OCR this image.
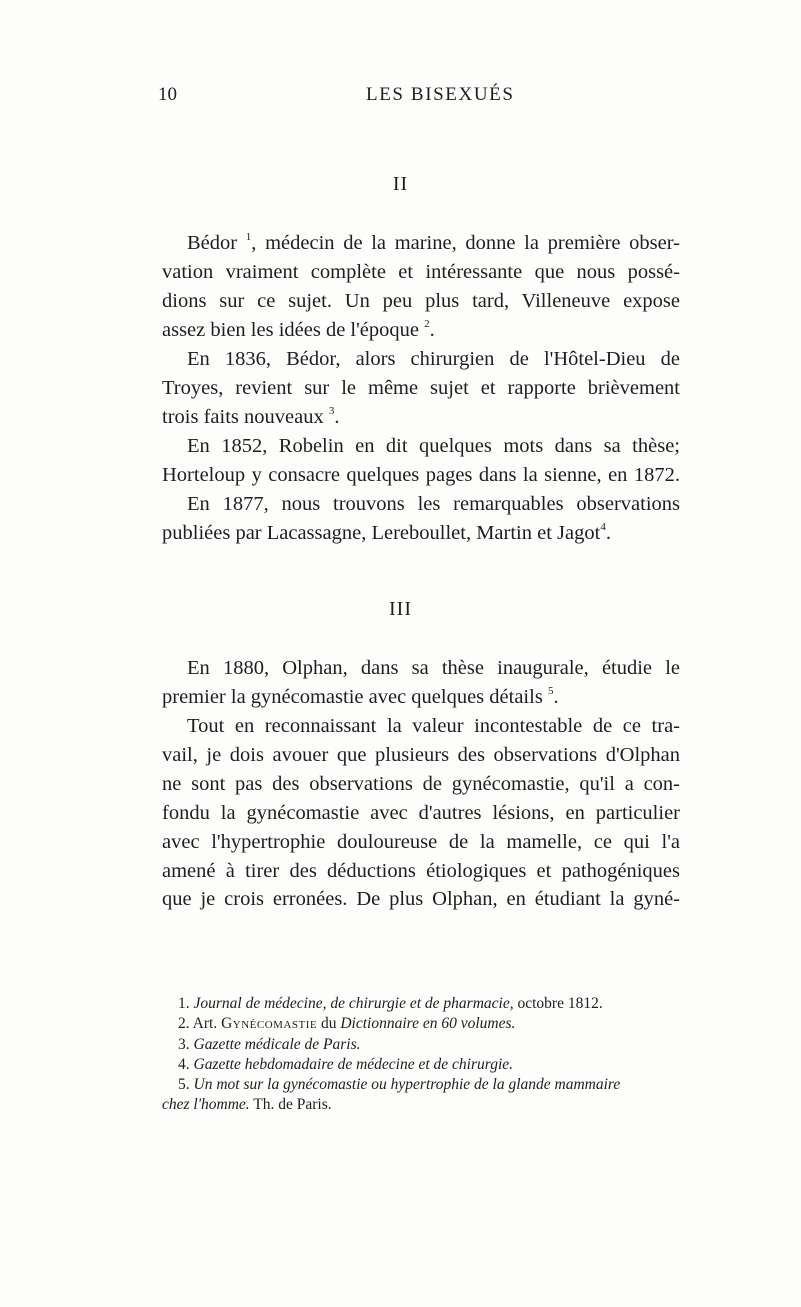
10	LES BISEXUÉS
II

Bédor $^1$, médecin de la marine, donne la première obser-
vation vraiment complète et intéressante que nous possé-
dions sur ce sujet. Un peu plus tard, Villeneuve expose
assez bien les idées de l'époque $^2$.

En 1836, Bédor, alors chirurgien de l'Hôtel-Dieu de
Troyes, revient sur le même sujet et rapporte brièvement
trois faits nouveaux $^3$.

En 1852, Robelin en dit quelques mots dans sa thèse;
Horteloup y consacre quelques pages dans la sienne, en 1872.

En 1877, nous trouvons les remarquables observations
publiées par Lacassagne, Lereboullet, Martin et Jagot$^4$.

III

En 1880, Olphan, dans sa thèse inaugurale, étudie le
premier la gynécomastie avec quelques détails $^5$.

Tout en reconnaissant la valeur incontestable de ce tra-
vail, je dois avouer que plusieurs des observations d'Olphan
ne sont pas des observations de gynécomastie, qu'il a con-
fondu la gynécomastie avec d'autres lésions, en particulier
avec l'hypertrophie douloureuse de la mamelle, ce qui l'a
amené à tirer des déductions étiologiques et pathogéniques
que je crois erronées. De plus Olphan, en étudiant la gyné-

1. Journal de médecine, de chirurgie et de pharmacie, octobre 1812.
2. Art. Gynécomastie du Dictionnaire en 60 volumes.
3. Gazette médicale de Paris.
4. Gazette hebdomadaire de médecine et de chirurgie.
5. Un mot sur la gynécomastie ou hypertrophie de la glande mammaire
chez l'homme. Th. de Paris.
